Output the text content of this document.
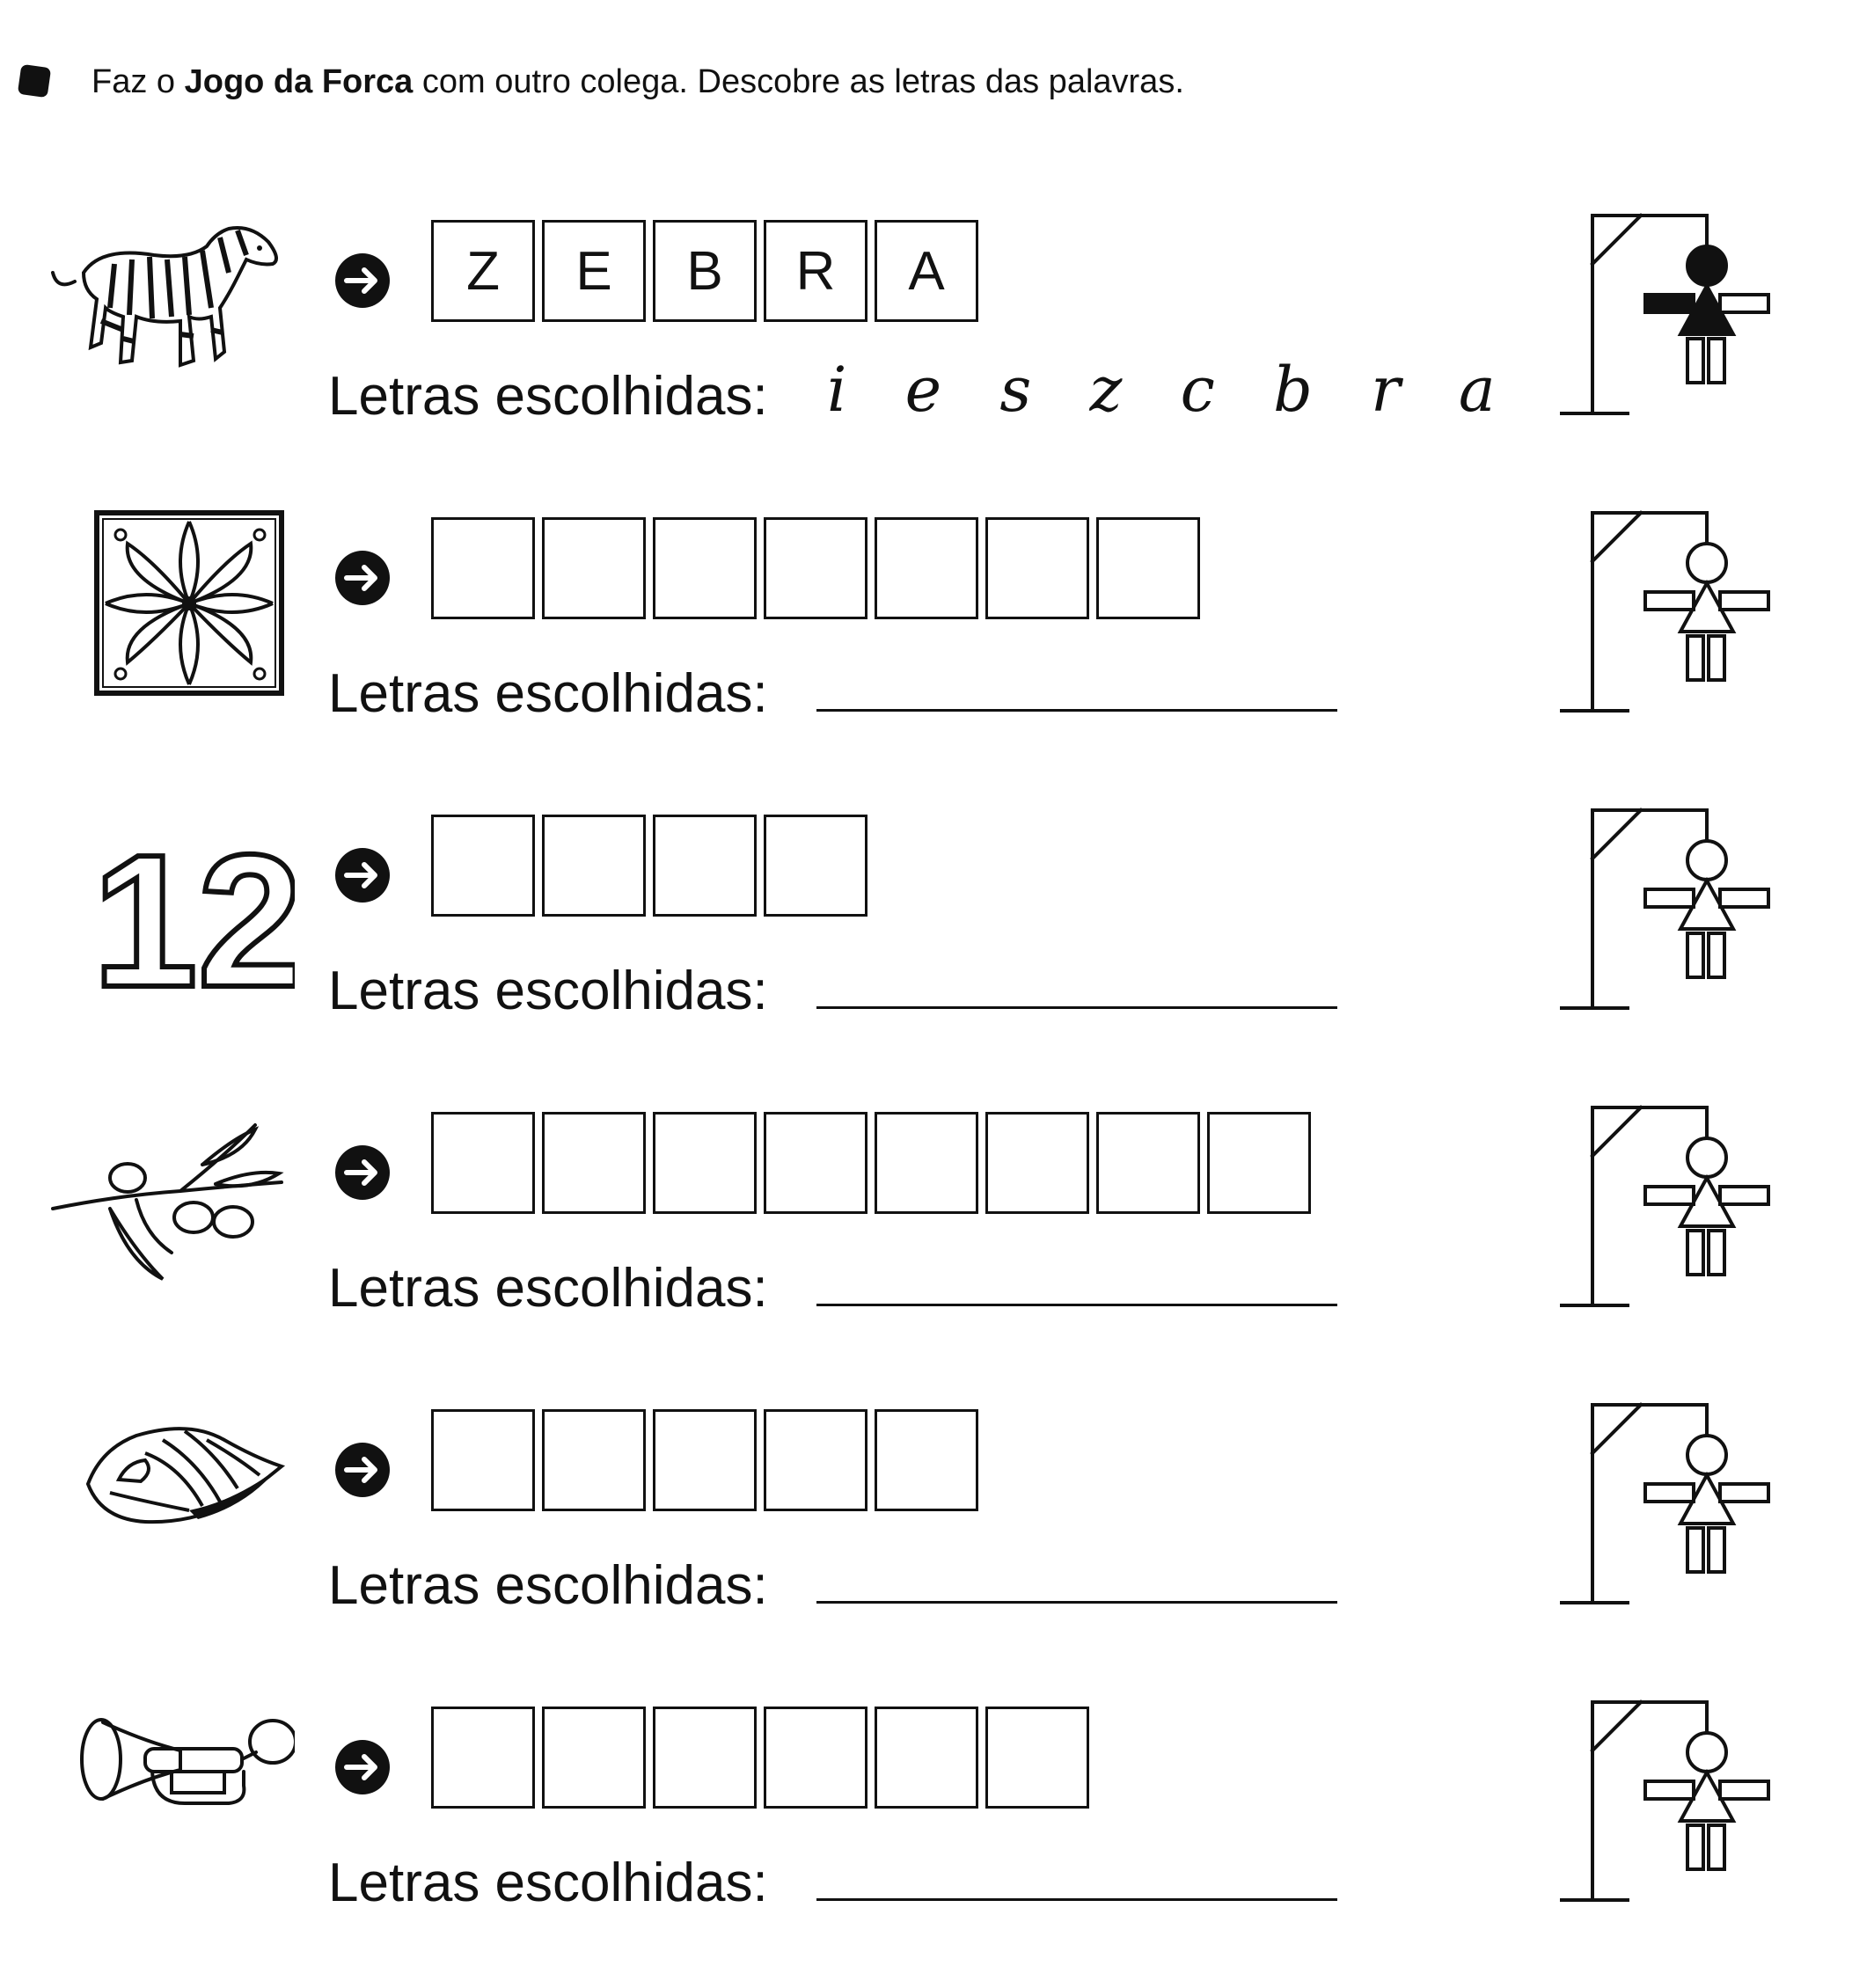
Faz o Jogo da Forca com outro colega. Descobre as letras das palavras.
Z	E	B	R	A
Letras escolhidas: i e s z c b r a
Letras escolhidas:
12 Letras escolhidas:
Letras escolhidas:
Letras escolhidas:
Letras escolhidas:
